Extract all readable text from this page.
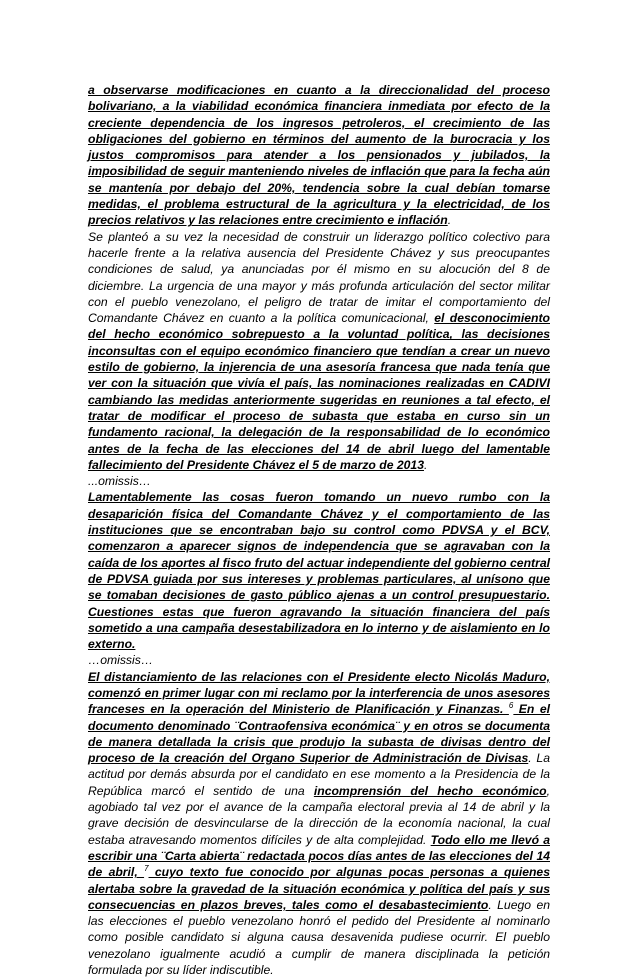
a observarse modificaciones en cuanto a la direccionalidad del proceso bolivariano, a la viabilidad económica financiera inmediata por efecto de la creciente dependencia de los ingresos petroleros, el crecimiento de las obligaciones del gobierno en términos del aumento de la burocracia y los justos compromisos para atender a los pensionados y jubilados, la imposibilidad de seguir manteniendo niveles de inflación que para la fecha aún se mantenía por debajo del 20%, tendencia sobre la cual debían tomarse medidas, el problema estructural de la agricultura y la electricidad, de los precios relativos y las relaciones entre crecimiento e inflación.

Se planteó a su vez la necesidad de construir un liderazgo político colectivo para hacerle frente a la relativa ausencia del Presidente Chávez y sus preocupantes condiciones de salud, ya anunciadas por él mismo en su alocución del 8 de diciembre. La urgencia de una mayor y más profunda articulación del sector militar con el pueblo venezolano, el peligro de tratar de imitar el comportamiento del Comandante Chávez en cuanto a la política comunicacional, el desconocimiento del hecho económico sobrepuesto a la voluntad política, las decisiones inconsultas con el equipo económico financiero que tendían a crear un nuevo estilo de gobierno, la injerencia de una asesoría francesa que nada tenía que ver con la situación que vivía el país, las nominaciones realizadas en CADIVI cambiando las medidas anteriormente sugeridas en reuniones a tal efecto, el tratar de modificar el proceso de subasta que estaba en curso sin un fundamento racional, la delegación de la responsabilidad de lo económico antes de la fecha de las elecciones del 14 de abril luego del lamentable fallecimiento del Presidente Chávez el 5 de marzo de 2013.

...omissis…

Lamentablemente las cosas fueron tomando un nuevo rumbo con la desaparición física del Comandante Chávez y el comportamiento de las instituciones que se encontraban bajo su control como PDVSA y el BCV, comenzaron a aparecer signos de independencia que se agravaban con la caída de los aportes al fisco fruto del actuar independiente del gobierno central de PDVSA guiada por sus intereses y problemas particulares, al unísono que se tomaban decisiones de gasto público ajenas a un control presupuestario. Cuestiones estas que fueron agravando la situación financiera del país sometido a una campaña desestabilizadora en lo interno y de aislamiento en lo externo.

…omissis…

El distanciamiento de las relaciones con el Presidente electo Nicolás Maduro, comenzó en primer lugar con mi reclamo por la interferencia de unos asesores franceses en la operación del Ministerio de Planificación y Finanzas. $^6$ En el documento denominado ¨Contraofensiva económica¨ y en otros se documenta de manera detallada la crisis que produjo la subasta de divisas dentro del proceso de la creación del Organo Superior de Administración de Divisas. La actitud por demás absurda por el candidato en ese momento a la Presidencia de la República marcó el sentido de una incomprensión del hecho económico, agobiado tal vez por el avance de la campaña electoral previa al 14 de abril y la grave decisión de desvincularse de la dirección de la economía nacional, la cual estaba atravesando momentos difíciles y de alta complejidad. Todo ello me llevó a escribir una ¨Carta abierta¨ redactada pocos días antes de las elecciones del 14 de abril, $^7$ cuyo texto fue conocido por algunas pocas personas a quienes alertaba sobre la gravedad de la situación económica y política del país y sus consecuencias en plazos breves, tales como el desabastecimiento. Luego en las elecciones el pueblo venezolano honró el pedido del Presidente al nominarlo como posible candidato si alguna causa desavenida pudiese ocurrir. El pueblo venezolano igualmente acudió a cumplir de manera disciplinada la petición formulada por su líder indiscutible.
